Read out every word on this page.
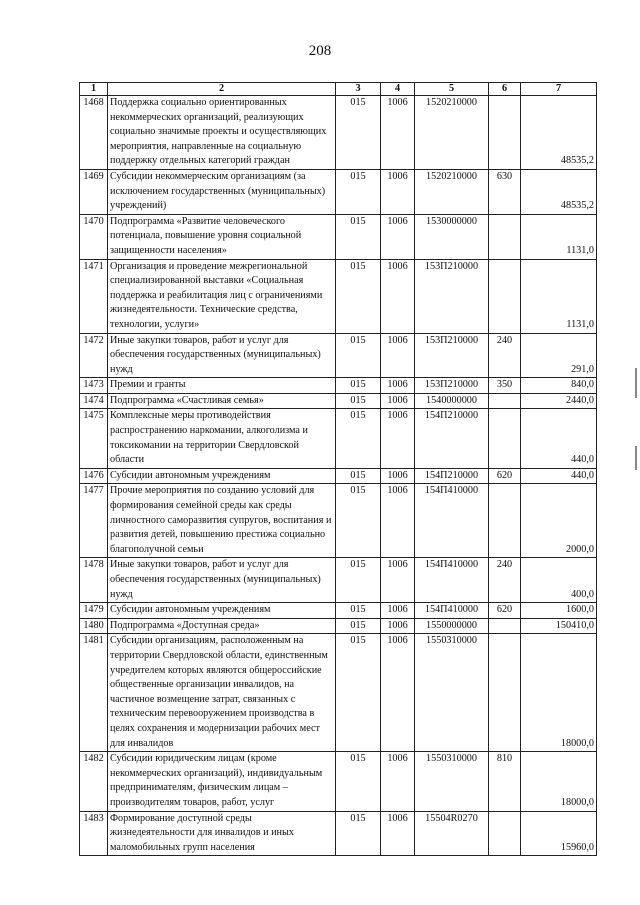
208
1	2	3	4	5	6	7
1468	Поддержка социально ориентированных некоммерческих организаций, реализующих социально значимые проекты и осуществляющих мероприятия, направленные на социальную поддержку отдельных категорий граждан	015	1006	1520210000		48535,2
1469	Субсидии некоммерческим организациям (за исключением государственных (муниципальных) учреждений)	015	1006	1520210000	630	48535,2
1470	Подпрограмма «Развитие человеческого потенциала, повышение уровня социальной защищенности населения»	015	1006	1530000000		1131,0
1471	Организация и проведение межрегиональной специализированной выставки «Социальная поддержка и реабилитация лиц с ограничениями жизнедеятельности. Технические средства, технологии, услуги»	015	1006	153П210000		1131,0
1472	Иные закупки товаров, работ и услуг для обеспечения государственных (муниципальных) нужд	015	1006	153П210000	240	291,0
1473	Премии и гранты	015	1006	153П210000	350	840,0
1474	Подпрограмма «Счастливая семья»	015	1006	1540000000		2440,0
1475	Комплексные меры противодействия распространению наркомании, алкоголизма и токсикомании на территории Свердловской области	015	1006	154П210000		440,0
1476	Субсидии автономным учреждениям	015	1006	154П210000	620	440,0
1477	Прочие мероприятия по созданию условий для формирования семейной среды как среды личностного саморазвития супругов, воспитания и развития детей, повышению престижа социально благополучной семьи	015	1006	154П410000		2000,0
1478	Иные закупки товаров, работ и услуг для обеспечения государственных (муниципальных) нужд	015	1006	154П410000	240	400,0
1479	Субсидии автономным учреждениям	015	1006	154П410000	620	1600,0
1480	Подпрограмма «Доступная среда»	015	1006	1550000000		150410,0
1481	Субсидии организациям, расположенным на территории Свердловской области, единственным учредителем которых являются общероссийские общественные организации инвалидов, на частичное возмещение затрат, связанных с техническим перевооружением производства в целях сохранения и модернизации рабочих мест для инвалидов	015	1006	1550310000		18000,0
1482	Субсидии юридическим лицам (кроме некоммерческих организаций), индивидуальным предпринимателям, физическим лицам – производителям товаров, работ, услуг	015	1006	1550310000	810	18000,0
1483	Формирование доступной среды жизнедеятельности для инвалидов и иных маломобильных групп населения	015	1006	15504R0270		15960,0
